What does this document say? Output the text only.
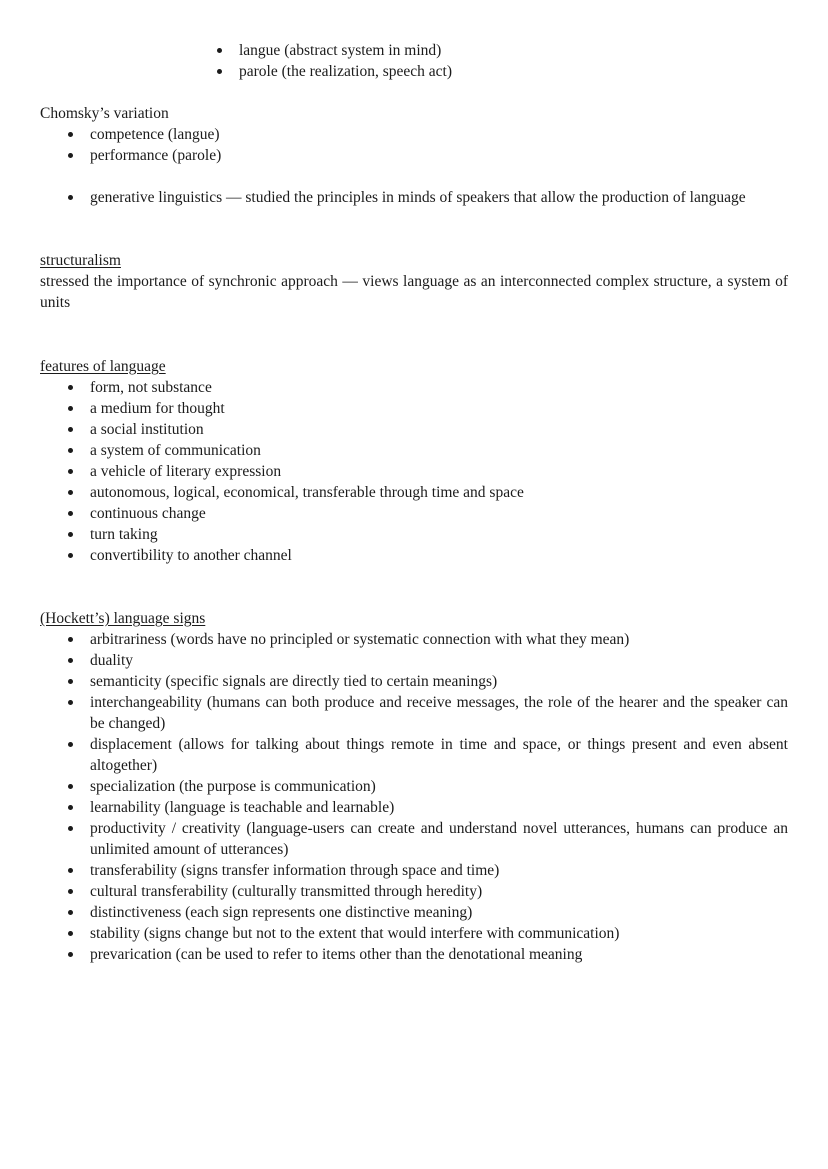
langue (abstract system in mind)
parole (the realization, speech act)

Chomsky’s variation

competence (langue)
performance (parole)
generative linguistics — studied the principles in minds of speakers that allow the production of language
structuralism

stressed the importance of synchronic approach — views language as an interconnected complex structure, a system of units

features of language
form, not substance
a medium for thought
a social institution
a system of communication
a vehicle of literary expression
autonomous, logical, economical, transferable through time and space
continuous change
turn taking
convertibility to another channel
(Hockett’s) language signs
arbitrariness (words have no principled or systematic connection with what they mean)
duality
semanticity (specific signals are directly tied to certain meanings)
interchangeability (humans can both produce and receive messages, the role of the hearer and the speaker can be changed)
displacement (allows for talking about things remote in time and space, or things present and even absent altogether)
specialization (the purpose is communication)
learnability (language is teachable and learnable)
productivity / creativity (language-users can create and understand novel utterances, humans can produce an unlimited amount of utterances)
transferability (signs transfer information through space and time)
cultural transferability (culturally transmitted through heredity)
distinctiveness (each sign represents one distinctive meaning)
stability (signs change but not to the extent that would interfere with communication)
prevarication (can be used to refer to items other than the denotational meaning
